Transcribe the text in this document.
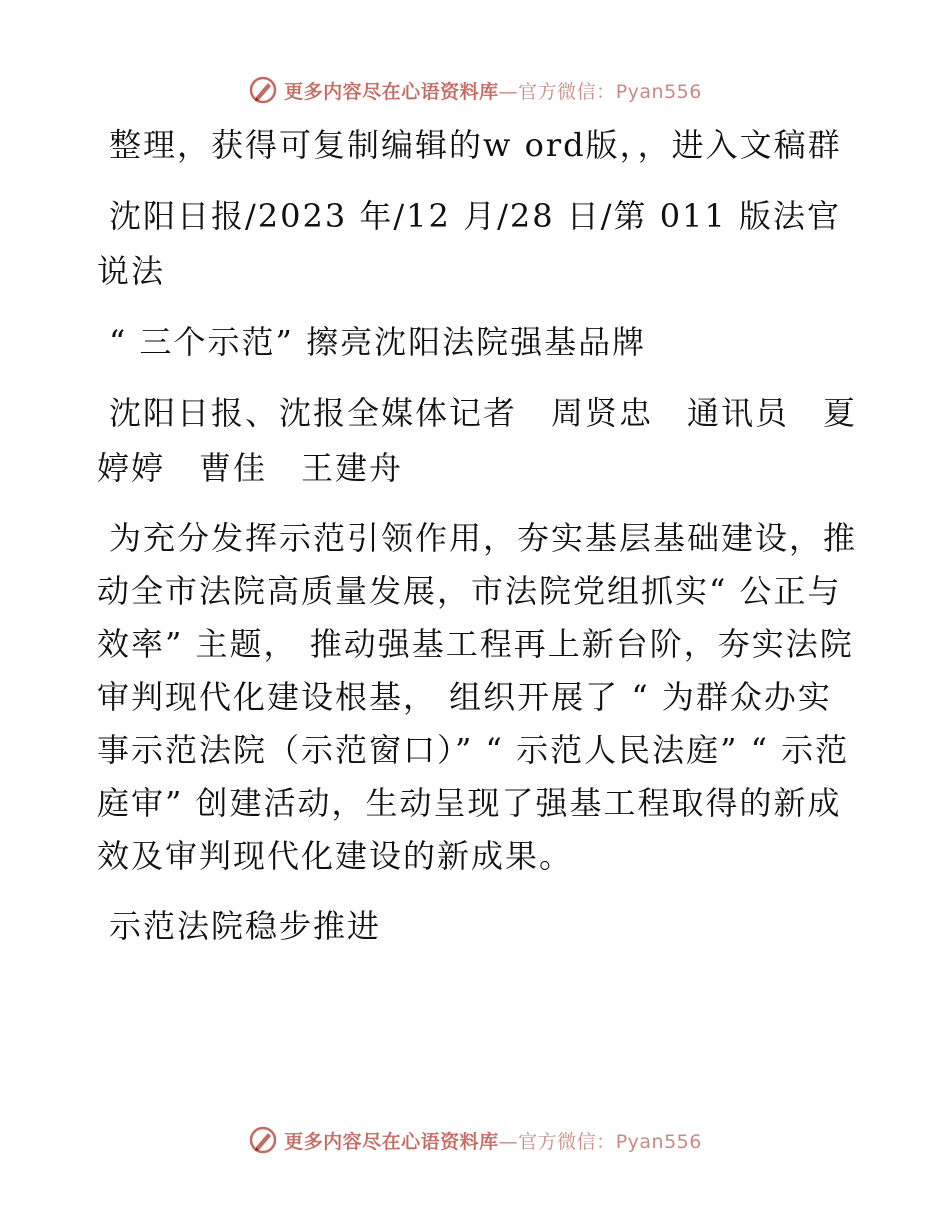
更多内容尽在心语资料库—官方微信：Pyan556

整理，获得可复制编辑的w ord版，，进入文稿群

沈阳日报/2023 年/12 月/28 日/第 011 版法官说法

“ 三个示范” 擦亮沈阳法院强基品牌

沈阳日报、沈报全媒体记者　周贤忠　通讯员　夏婷婷　曹佳　王建舟

为充分发挥示范引领作用，夯实基层基础建设，推动全市法院高质量发展，市法院党组抓实“ 公正与效率” 主题， 推动强基工程再上新台阶，夯实法院审判现代化建设根基， 组织开展了 “ 为群众办实事示范法院（示范窗口）” “ 示范人民法庭” “ 示范庭审” 创建活动，生动呈现了强基工程取得的新成效及审判现代化建设的新成果。

示范法院稳步推进

更多内容尽在心语资料库—官方微信：Pyan556
